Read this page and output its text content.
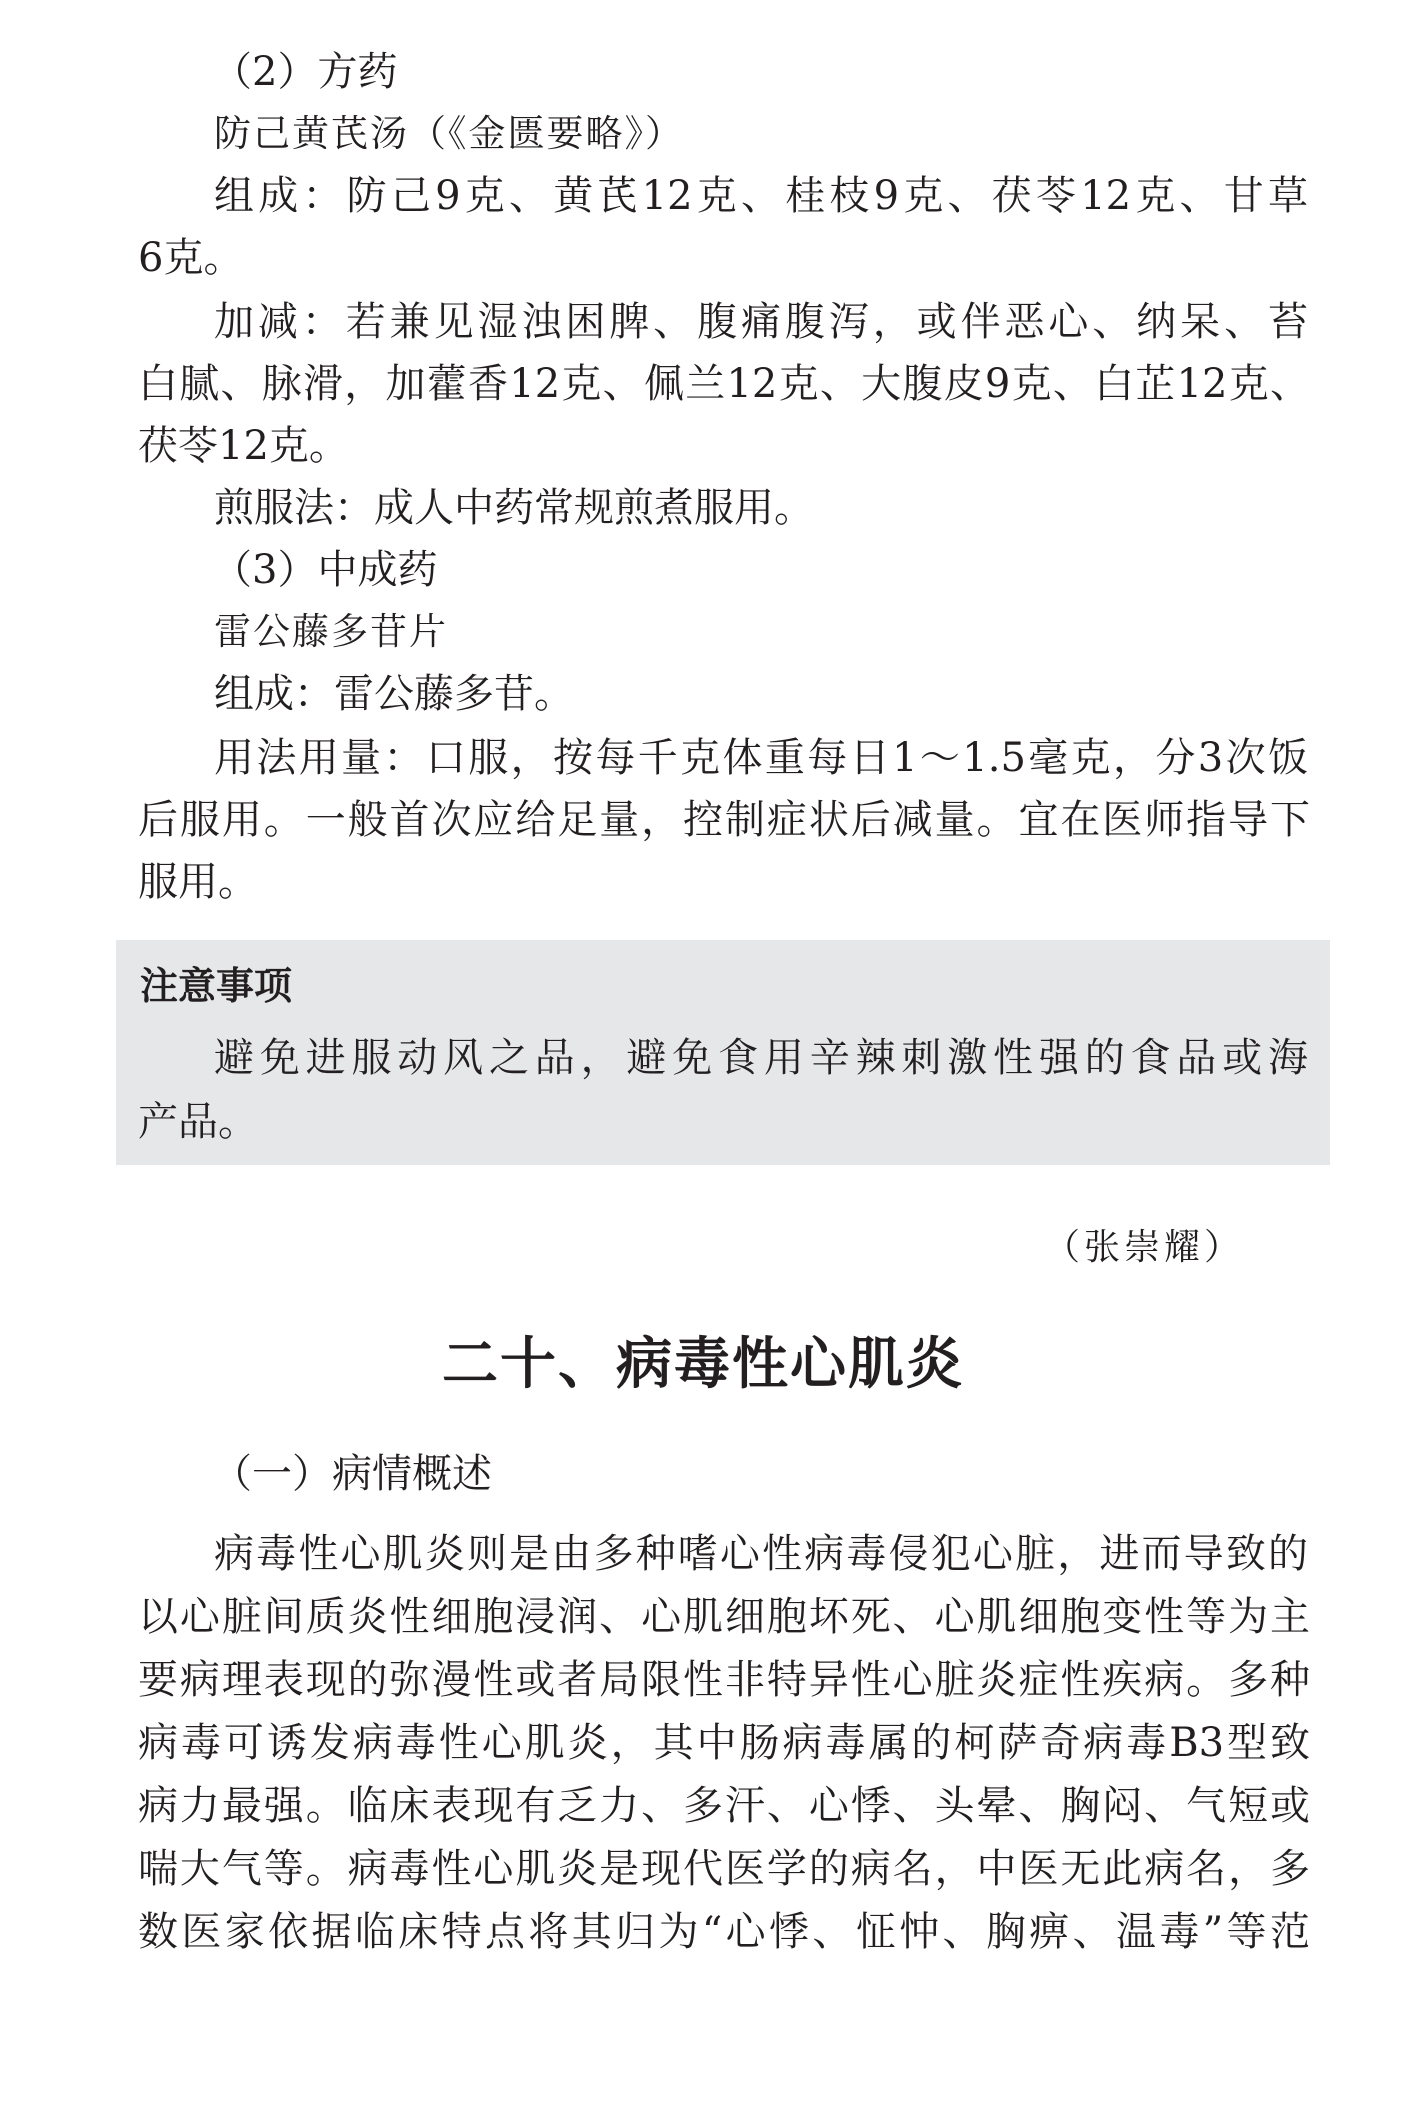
（2）方药
防己黄芪汤（《金匮要略》）
组成：防己9克、黄芪12克、桂枝9克、茯苓12克、甘草
6克。
加减：若兼见湿浊困脾、腹痛腹泻，或伴恶心、纳呆、苔
白腻、脉滑，加藿香12克、佩兰12克、大腹皮9克、白芷12克、
茯苓12克。
煎服法：成人中药常规煎煮服用。
（3）中成药
雷公藤多苷片
组成：雷公藤多苷。
用法用量：口服，按每千克体重每日1～1.5毫克，分3次饭
后服用。一般首次应给足量，控制症状后减量。宜在医师指导下
服用。
注意事项
避免进服动风之品，避免食用辛辣刺激性强的食品或海
产品。
（张崇耀）
二十、病毒性心肌炎
（一）病情概述
病毒性心肌炎则是由多种嗜心性病毒侵犯心脏，进而导致的
以心脏间质炎性细胞浸润、心肌细胞坏死、心肌细胞变性等为主
要病理表现的弥漫性或者局限性非特异性心脏炎症性疾病。多种
病毒可诱发病毒性心肌炎，其中肠病毒属的柯萨奇病毒B3型致
病力最强。临床表现有乏力、多汗、心悸、头晕、胸闷、气短或
喘大气等。病毒性心肌炎是现代医学的病名，中医无此病名，多
数医家依据临床特点将其归为“心悸、怔忡、胸痹、温毒”等范
